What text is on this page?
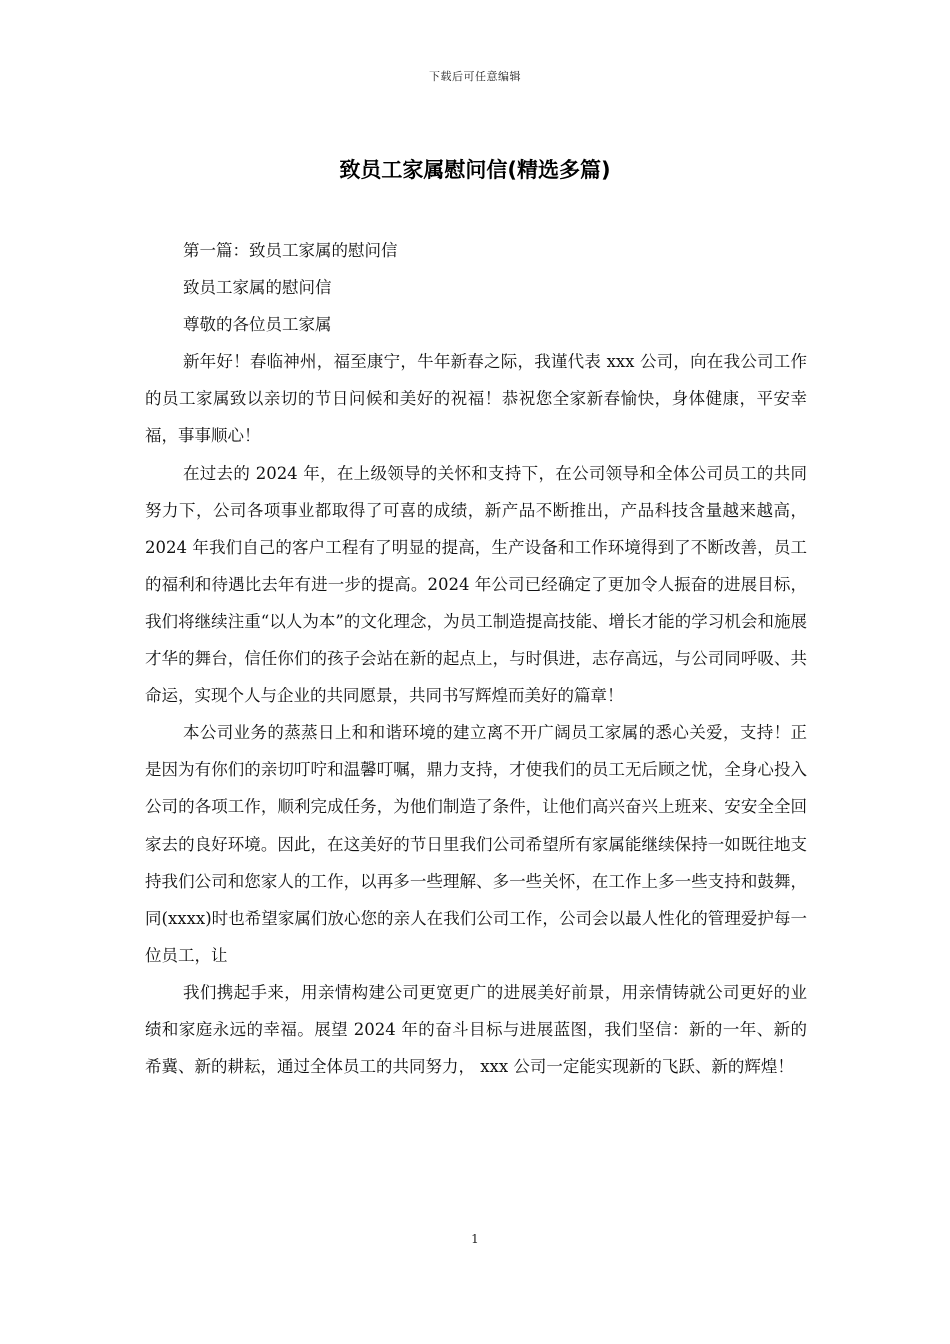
下载后可任意编辑
致员工家属慰问信(精选多篇)

第一篇：致员工家属的慰问信

致员工家属的慰问信

尊敬的各位员工家属

新年好！春临神州，福至康宁，牛年新春之际，我谨代表 xxx 公司，向在我公司工作的员工家属致以亲切的节日问候和美好的祝福！恭祝您全家新春愉快，身体健康，平安幸福，事事顺心！

在过去的 2024 年，在上级领导的关怀和支持下，在公司领导和全体公司员工的共同努力下，公司各项事业都取得了可喜的成绩，新产品不断推出，产品科技含量越来越高，2024 年我们自己的客户工程有了明显的提高，生产设备和工作环境得到了不断改善，员工的福利和待遇比去年有进一步的提高。2024 年公司已经确定了更加令人振奋的进展目标，我们将继续注重“以人为本”的文化理念，为员工制造提高技能、增长才能的学习机会和施展才华的舞台，信任你们的孩子会站在新的起点上，与时俱进，志存高远，与公司同呼吸、共命运，实现个人与企业的共同愿景，共同书写辉煌而美好的篇章！

本公司业务的蒸蒸日上和和谐环境的建立离不开广阔员工家属的悉心关爱，支持！正是因为有你们的亲切叮咛和温馨叮嘱，鼎力支持，才使我们的员工无后顾之忧，全身心投入公司的各项工作，顺利完成任务，为他们制造了条件，让他们高兴奋兴上班来、安安全全回家去的良好环境。因此，在这美好的节日里我们公司希望所有家属能继续保持一如既往地支持我们公司和您家人的工作，以再多一些理解、多一些关怀，在工作上多一些支持和鼓舞，同(xxxx)时也希望家属们放心您的亲人在我们公司工作，公司会以最人性化的管理爱护每一位员工，让

我们携起手来，用亲情构建公司更宽更广的进展美好前景，用亲情铸就公司更好的业绩和家庭永远的幸福。展望 2024 年的奋斗目标与进展蓝图，我们坚信：新的一年、新的希冀、新的耕耘，通过全体员工的共同努力， xxx 公司一定能实现新的飞跃、新的辉煌！

1
